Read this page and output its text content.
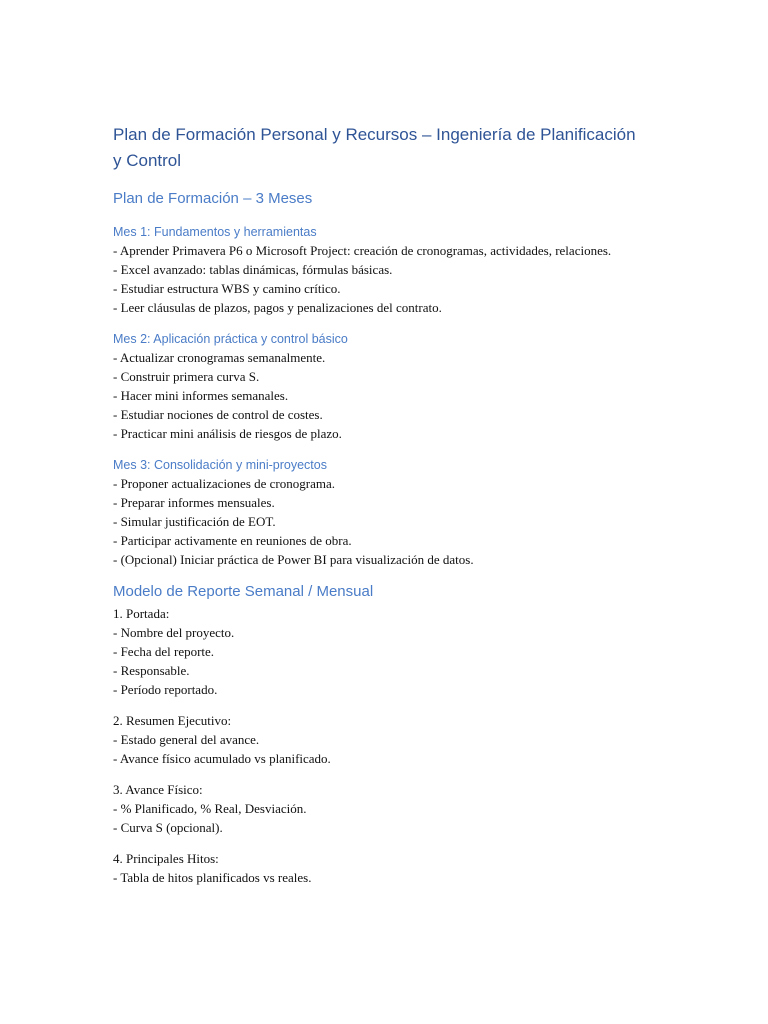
Plan de Formación Personal y Recursos – Ingeniería de Planificación y Control
Plan de Formación – 3 Meses
Mes 1: Fundamentos y herramientas

- Aprender Primavera P6 o Microsoft Project: creación de cronogramas, actividades, relaciones.

- Excel avanzado: tablas dinámicas, fórmulas básicas.

- Estudiar estructura WBS y camino crítico.

- Leer cláusulas de plazos, pagos y penalizaciones del contrato.

Mes 2: Aplicación práctica y control básico

- Actualizar cronogramas semanalmente.

- Construir primera curva S.

- Hacer mini informes semanales.

- Estudiar nociones de control de costes.

- Practicar mini análisis de riesgos de plazo.

Mes 3: Consolidación y mini-proyectos

- Proponer actualizaciones de cronograma.

- Preparar informes mensuales.

- Simular justificación de EOT.

- Participar activamente en reuniones de obra.

- (Opcional) Iniciar práctica de Power BI para visualización de datos.

Modelo de Reporte Semanal / Mensual

1. Portada:

- Nombre del proyecto.

- Fecha del reporte.

- Responsable.

- Período reportado.

2. Resumen Ejecutivo:

- Estado general del avance.

- Avance físico acumulado vs planificado.

3. Avance Físico:

- % Planificado, % Real, Desviación.

- Curva S (opcional).

4. Principales Hitos:

- Tabla de hitos planificados vs reales.
